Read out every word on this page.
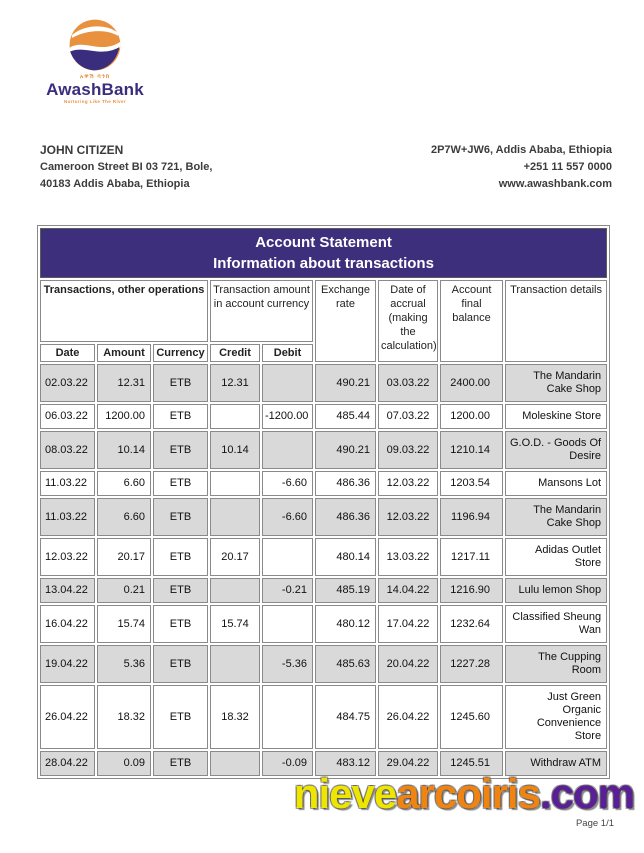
አዋሽ ባንክ
AwashBank
Nurturing Like The River
JOHN CITIZEN
Cameroon Street BI 03 721, Bole,
40183 Addis Ababa, Ethiopia
2P7W+JW6, Addis Ababa, Ethiopia
+251 11 557 0000
www.awashbank.com
Account Statement
Information about transactions								

Transactions, other operations			Transaction amount in account currency		Exchange rate	Date of accrual (making the calculation)	Account final balance	Transaction details
Date	Amount	Currency	Credit	Debit				
02.03.22	12.31	ETB	12.31		490.21	03.03.22	2400.00	The Mandarin Cake Shop
06.03.22	1200.00	ETB		-1200.00	485.44	07.03.22	1200.00	Moleskine Store
08.03.22	10.14	ETB	10.14		490.21	09.03.22	1210.14	G.O.D. - Goods Of Desire
11.03.22	6.60	ETB		-6.60	486.36	12.03.22	1203.54	Mansons Lot
11.03.22	6.60	ETB		-6.60	486.36	12.03.22	1196.94	The Mandarin Cake Shop
12.03.22	20.17	ETB	20.17		480.14	13.03.22	1217.11	Adidas Outlet Store
13.04.22	0.21	ETB		-0.21	485.19	14.04.22	1216.90	Lulu lemon Shop
16.04.22	15.74	ETB	15.74		480.12	17.04.22	1232.64	Classified Sheung Wan
19.04.22	5.36	ETB		-5.36	485.63	20.04.22	1227.28	The Cupping Room
26.04.22	18.32	ETB	18.32		484.75	26.04.22	1245.60	Just Green Organic Convenience Store
28.04.22	0.09	ETB		-0.09	483.12	29.04.22	1245.51	Withdraw ATM
nievearcoiris.com
Page 1/1
